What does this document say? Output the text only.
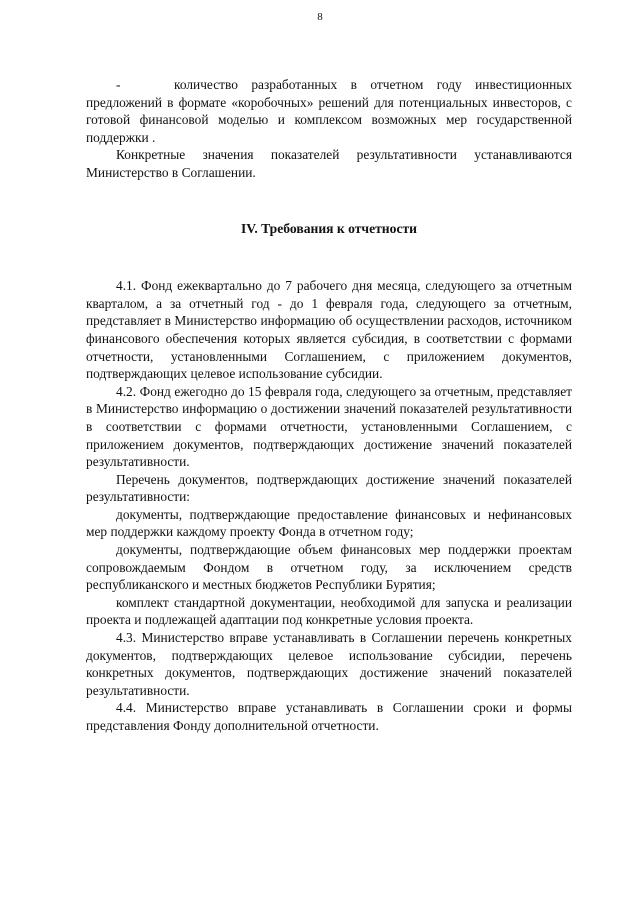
8

-	количество разработанных в отчетном году инвестиционных предложений в формате «коробочных» решений для потенциальных инвесторов, с готовой финансовой моделью и комплексом возможных мер государственной поддержки .

Конкретные значения показателей результативности устанавливаются Министерство в Соглашении.

IV. Требования к отчетности

4.1. Фонд ежеквартально до 7 рабочего дня месяца, следующего за отчетным кварталом, а за отчетный год - до 1 февраля года, следующего за отчетным, представляет в Министерство информацию об осуществлении расходов, источником финансового обеспечения которых является субсидия, в соответствии с формами отчетности, установленными Соглашением, с приложением документов, подтверждающих целевое использование субсидии.

4.2. Фонд ежегодно до 15 февраля года, следующего за отчетным, представляет в Министерство информацию о достижении значений показателей результативности в соответствии с формами отчетности, установленными Соглашением, с приложением документов, подтверждающих достижение значений показателей результативности.

Перечень документов, подтверждающих достижение значений показателей результативности:

документы, подтверждающие предоставление финансовых и нефинансовых мер поддержки каждому проекту Фонда в отчетном году;

документы, подтверждающие объем финансовых мер поддержки проектам сопровождаемым Фондом в отчетном году, за исключением средств республиканского и местных бюджетов Республики Бурятия;

комплект стандартной документации, необходимой для запуска и реализации проекта и подлежащей адаптации под конкретные условия проекта.

4.3. Министерство вправе устанавливать в Соглашении перечень конкретных документов, подтверждающих целевое использование субсидии, перечень конкретных документов, подтверждающих достижение значений показателей результативности.

4.4. Министерство вправе устанавливать в Соглашении сроки и формы представления Фонду дополнительной отчетности.
